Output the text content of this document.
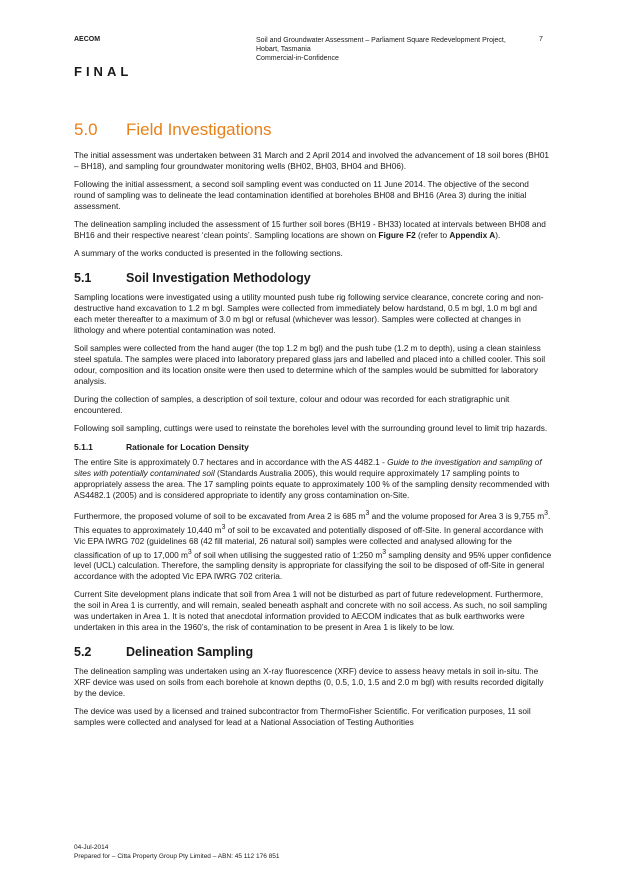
AECOM	Soil and Groundwater Assessment – Parliament Square Redevelopment Project,
Hobart, Tasmania
Commercial-in-Confidence
7
FINAL
5.0	Field Investigations

The initial assessment was undertaken between 31 March and 2 April 2014 and involved the advancement of 18 soil bores (BH01 – BH18), and sampling four groundwater monitoring wells (BH02, BH03, BH04 and BH06).

Following the initial assessment, a second soil sampling event was conducted on 11 June 2014. The objective of the second round of sampling was to delineate the lead contamination identified at boreholes BH08 and BH16 (Area 3) during the initial assessment.

The delineation sampling included the assessment of 15 further soil bores (BH19 - BH33) located at intervals between BH08 and BH16 and their respective nearest ‘clean points’. Sampling locations are shown on Figure F2 (refer to Appendix A).

A summary of the works conducted is presented in the following sections.

5.1	Soil Investigation Methodology

Sampling locations were investigated using a utility mounted push tube rig following service clearance, concrete coring and non-destructive hand excavation to 1.2 m bgl. Samples were collected from immediately below hardstand, 0.5 m bgl, 1.0 m bgl and each meter thereafter to a maximum of 3.0 m bgl or refusal (whichever was lessor). Samples were collected at changes in lithology and where potential contamination was noted.

Soil samples were collected from the hand auger (the top 1.2 m bgl) and the push tube (1.2 m to depth), using a clean stainless steel spatula. The samples were placed into laboratory prepared glass jars and labelled and placed into a chilled cooler. This soil odour, composition and its location onsite were then used to determine which of the samples would be submitted for laboratory analysis.

During the collection of samples, a description of soil texture, colour and odour was recorded for each stratigraphic unit encountered.

Following soil sampling, cuttings were used to reinstate the boreholes level with the surrounding ground level to limit trip hazards.

5.1.1	Rationale for Location Density

The entire Site is approximately 0.7 hectares and in accordance with the AS 4482.1 - Guide to the investigation and sampling of sites with potentially contaminated soil (Standards Australia 2005), this would require approximately 17 sampling points to appropriately assess the area. The 17 sampling points equate to approximately 100 % of the sampling density recommended with AS4482.1 (2005) and is considered appropriate to identify any gross contamination on-Site.

Furthermore, the proposed volume of soil to be excavated from Area 2 is 685 $m^3$ and the volume proposed for Area 3 is 9,755 $m^3$. This equates to approximately 10,440 $m^3$ of soil to be excavated and potentially disposed of off-Site. In general accordance with Vic EPA IWRG 702 (guidelines 68 (42 fill material, 26 natural soil) samples were collected and analysed allowing for the classification of up to 17,000 $m^3$ of soil when utilising the suggested ratio of 1:250 $m^3$ sampling density and 95% upper confidence level (UCL) calculation. Therefore, the sampling density is appropriate for classifying the soil to be disposed of off-Site in general accordance with the adopted Vic EPA IWRG 702 criteria.

Current Site development plans indicate that soil from Area 1 will not be disturbed as part of future redevelopment. Furthermore, the soil in Area 1 is currently, and will remain, sealed beneath asphalt and concrete with no soil access. As such, no soil sampling was undertaken in Area 1. It is noted that anecdotal information provided to AECOM indicates that as bulk earthworks were undertaken in this area in the 1960’s, the risk of contamination to be present in Area 1 is likely to be low.

5.2	Delineation Sampling

The delineation sampling was undertaken using an X-ray fluorescence (XRF) device to assess heavy metals in soil in-situ. The XRF device was used on soils from each borehole at known depths (0, 0.5, 1.0, 1.5 and 2.0 m bgl) with results recorded digitally by the device.

The device was used by a licensed and trained subcontractor from ThermoFisher Scientific. For verification purposes, 11 soil samples were collected and analysed for lead at a National Association of Testing Authorities

04-Jul-2014
Prepared for – Citta Property Group Pty Limited – ABN: 45 112 176 851
